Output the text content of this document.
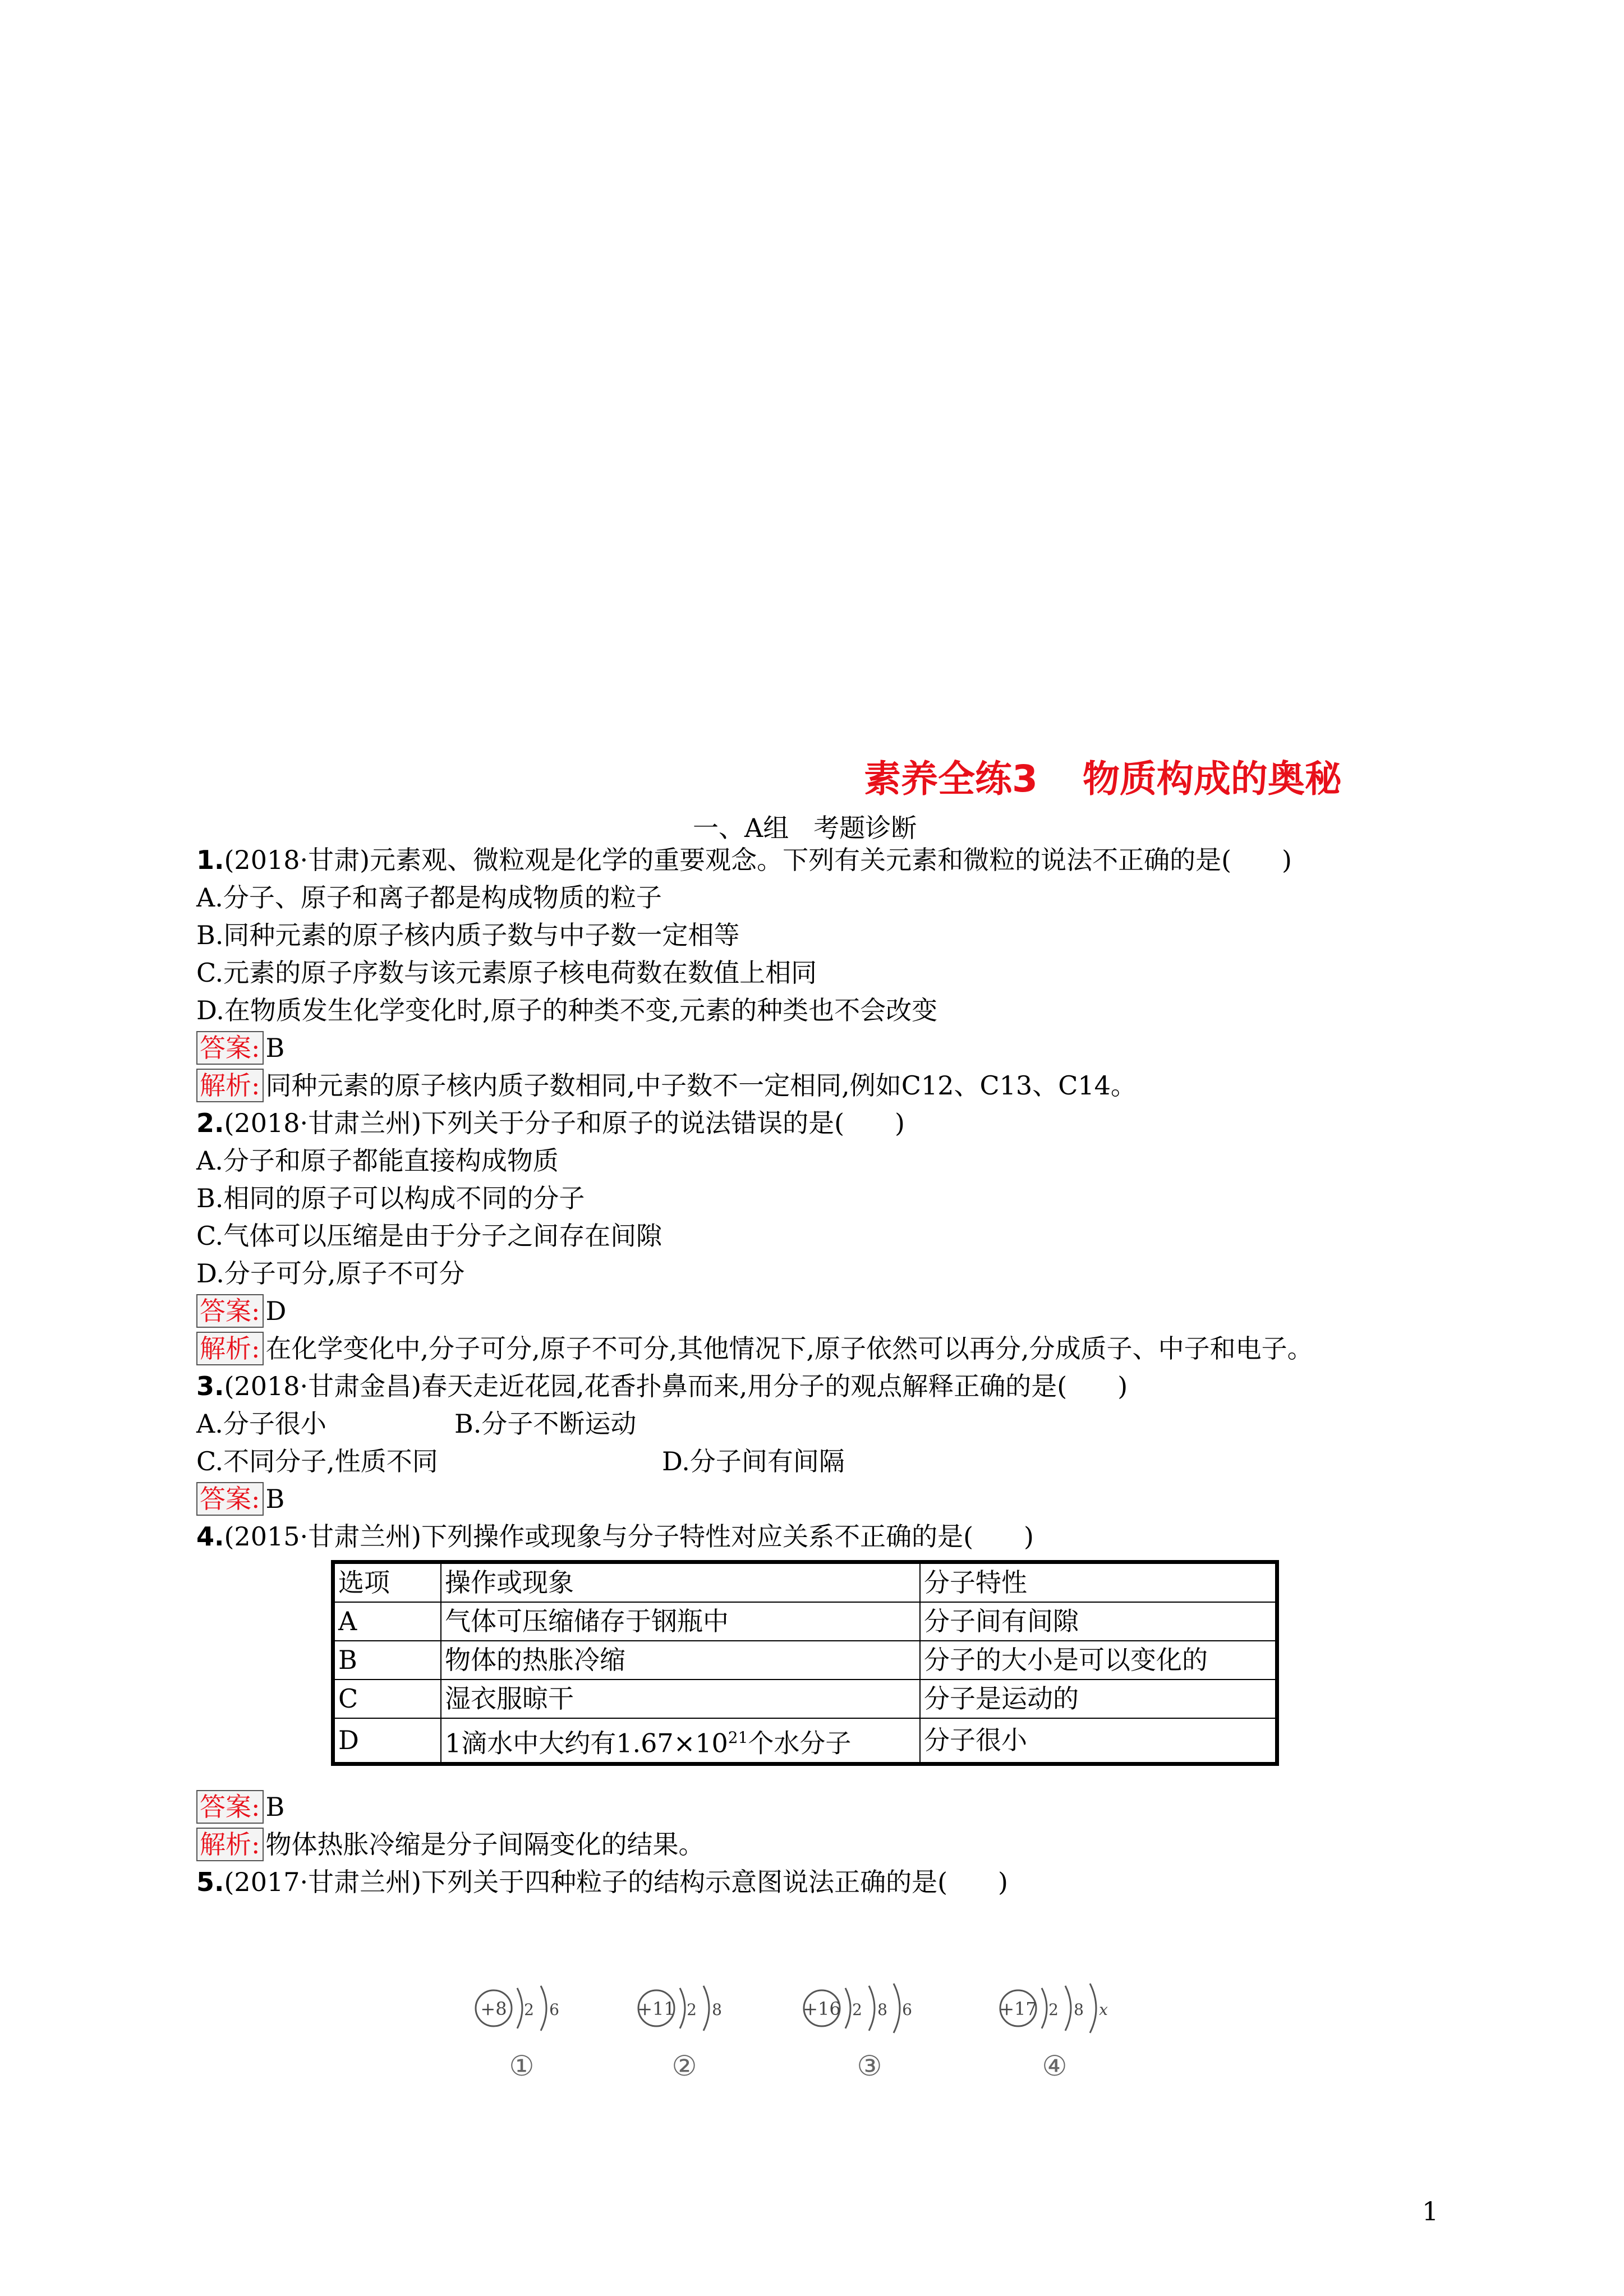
素养全练3 物质构成的奥秘
一、A组 考题诊断
1.(2018·甘肃)元素观、微粒观是化学的重要观念。下列有关元素和微粒的说法不正确的是( )
A.分子、原子和离子都是构成物质的粒子
B.同种元素的原子核内质子数与中子数一定相等
C.元素的原子序数与该元素原子核电荷数在数值上相同
D.在物质发生化学变化时,原子的种类不变,元素的种类也不会改变
答案: B
解析: 同种元素的原子核内质子数相同,中子数不一定相同,例如C12、C13、C14。
2.(2018·甘肃兰州)下列关于分子和原子的说法错误的是( )
A.分子和原子都能直接构成物质
B.相同的原子可以构成不同的分子
C.气体可以压缩是由于分子之间存在间隙
D.分子可分,原子不可分
答案: D
解析: 在化学变化中,分子可分,原子不可分,其他情况下,原子依然可以再分,分成质子、中子和电子。
3.(2018·甘肃金昌)春天走近花园,花香扑鼻而来,用分子的观点解释正确的是( )
A.分子很小	B.分子不断运动
C.不同分子,性质不同	D.分子间有间隔
答案: B
4.(2015·甘肃兰州)下列操作或现象与分子特性对应关系不正确的是( )
选项	操作或现象	分子特性
A	气体可压缩储存于钢瓶中	分子间有间隙
B	物体的热胀冷缩	分子的大小是可以变化的
C	湿衣服晾干	分子是运动的
D	1滴水中大约有$1.67\times 10^{21}$个水分子	分子很小
答案: B
解析: 物体热胀冷缩是分子间隔变化的结果。
5.(2017·甘肃兰州)下列关于四种粒子的结构示意图说法正确的是( )
+8 2 6
①
+11 2 8
②
+16 2 8 6
③
+17 2 8 x
④
1
